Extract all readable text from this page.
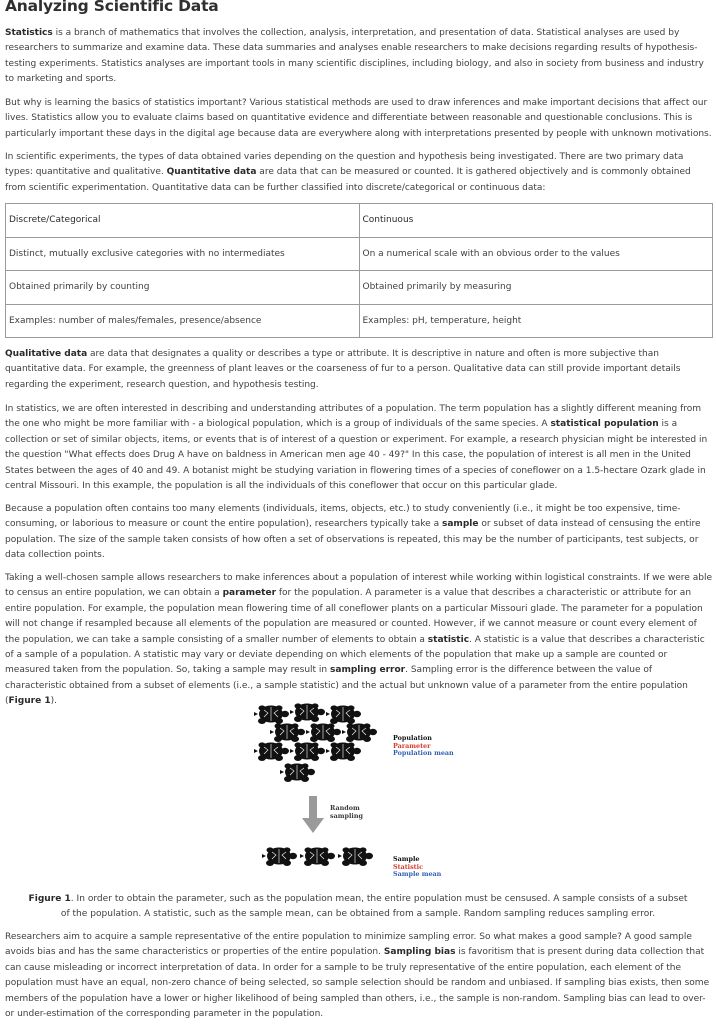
Analyzing Scientific Data

Statistics is a branch of mathematics that involves the collection, analysis, interpretation, and presentation of data. Statistical analyses are used by researchers to summarize and examine data. These data summaries and analyses enable researchers to make decisions regarding results of hypothesis-testing experiments. Statistics analyses are important tools in many scientific disciplines, including biology, and also in society from business and industry to marketing and sports.

But why is learning the basics of statistics important? Various statistical methods are used to draw inferences and make important decisions that affect our lives. Statistics allow you to evaluate claims based on quantitative evidence and differentiate between reasonable and questionable conclusions. This is particularly important these days in the digital age because data are everywhere along with interpretations presented by people with unknown motivations.

In scientific experiments, the types of data obtained varies depending on the question and hypothesis being investigated. There are two primary data types: quantitative and qualitative. Quantitative data are data that can be measured or counted. It is gathered objectively and is commonly obtained from scientific experimentation. Quantitative data can be further classified into discrete/categorical or continuous data:

Discrete/Categorical	Continuous
Distinct, mutually exclusive categories with no intermediates	On a numerical scale with an obvious order to the values
Obtained primarily by counting	Obtained primarily by measuring
Examples: number of males/females, presence/absence	Examples: pH, temperature, height

Qualitative data are data that designates a quality or describes a type or attribute. It is descriptive in nature and often is more subjective than quantitative data. For example, the greenness of plant leaves or the coarseness of fur to a person. Qualitative data can still provide important details regarding the experiment, research question, and hypothesis testing.

In statistics, we are often interested in describing and understanding attributes of a population. The term population has a slightly different meaning from the one who might be more familiar with - a biological population, which is a group of individuals of the same species. A statistical population is a collection or set of similar objects, items, or events that is of interest of a question or experiment. For example, a research physician might be interested in the question "What effects does Drug A have on baldness in American men age 40 - 49?" In this case, the population of interest is all men in the United States between the ages of 40 and 49. A botanist might be studying variation in flowering times of a species of coneflower on a 1.5-hectare Ozark glade in central Missouri. In this example, the population is all the individuals of this coneflower that occur on this particular glade.

Because a population often contains too many elements (individuals, items, objects, etc.) to study conveniently (i.e., it might be too expensive, time-consuming, or laborious to measure or count the entire population), researchers typically take a sample or subset of data instead of censusing the entire population. The size of the sample taken consists of how often a set of observations is repeated, this may be the number of participants, test subjects, or data collection points.

Taking a well-chosen sample allows researchers to make inferences about a population of interest while working within logistical constraints. If we were able to census an entire population, we can obtain a parameter for the population. A parameter is a value that describes a characteristic or attribute for an entire population. For example, the population mean flowering time of all coneflower plants on a particular Missouri glade. The parameter for a population will not change if resampled because all elements of the population are measured or counted. However, if we cannot measure or count every element of the population, we can take a sample consisting of a smaller number of elements to obtain a statistic. A statistic is a value that describes a characteristic of a sample of a population. A statistic may vary or deviate depending on which elements of the population that make up a sample are counted or measured taken from the population. So, taking a sample may result in sampling error. Sampling error is the difference between the value of characteristic obtained from a subset of elements (i.e., a sample statistic) and the actual but unknown value of a parameter from the entire population (Figure 1).

Population
Parameter
Population mean
Random
sampling
Sample
Statistic
Sample mean

Figure 1. In order to obtain the parameter, such as the population mean, the entire population must be censused. A sample consists of a subset of the population. A statistic, such as the sample mean, can be obtained from a sample. Random sampling reduces sampling error.

Researchers aim to acquire a sample representative of the entire population to minimize sampling error. So what makes a good sample? A good sample avoids bias and has the same characteristics or properties of the entire population. Sampling bias is favoritism that is present during data collection that can cause misleading or incorrect interpretation of data. In order for a sample to be truly representative of the entire population, each element of the population must have an equal, non-zero chance of being selected, so sample selection should be random and unbiased. If sampling bias exists, then some members of the population have a lower or higher likelihood of being sampled than others, i.e., the sample is non-random. Sampling bias can lead to over- or under-estimation of the corresponding parameter in the population.
